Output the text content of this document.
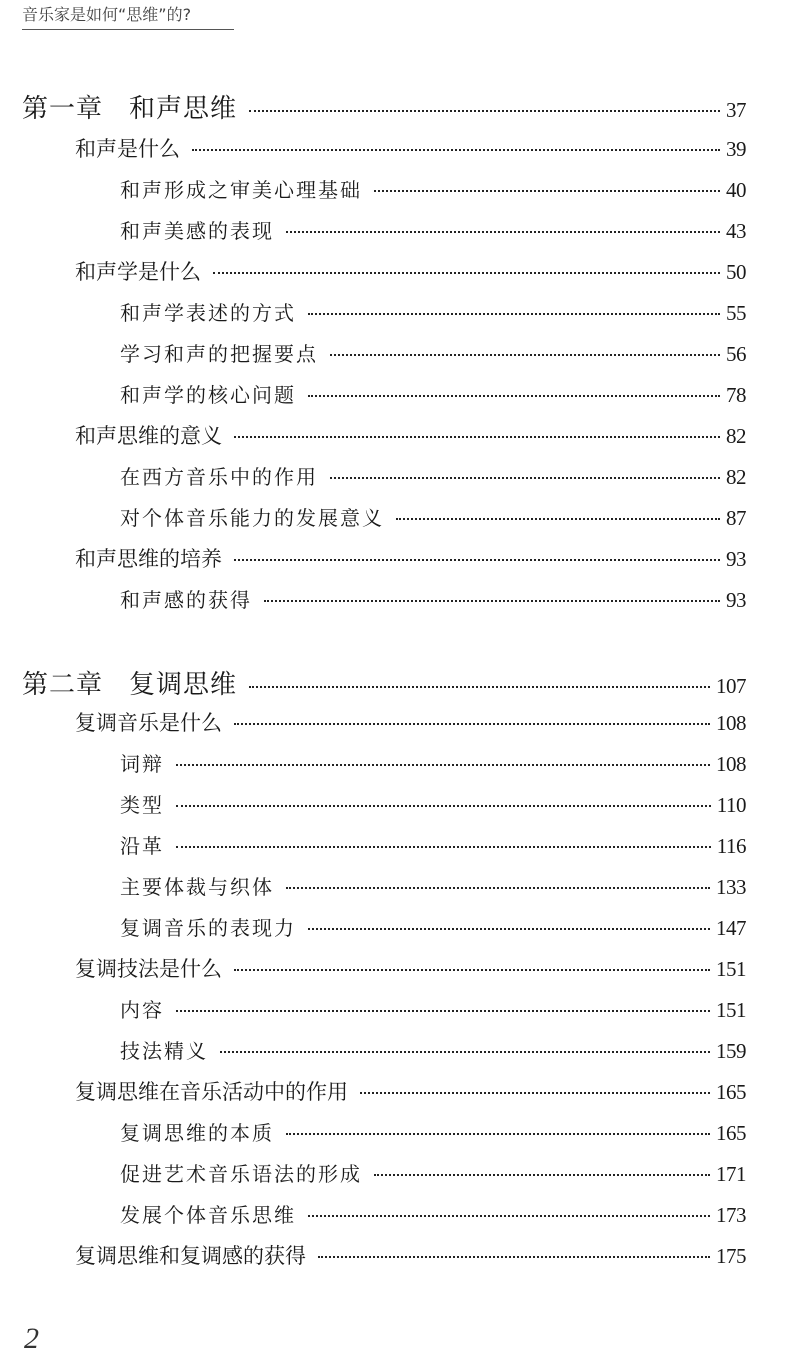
音乐家是如何“思维”的?
第一章 和声思维	37
和声是什么	39
和声形成之审美心理基础	40
和声美感的表现	43
和声学是什么	50
和声学表述的方式	55
学习和声的把握要点	56
和声学的核心问题	78
和声思维的意义	82
在西方音乐中的作用	82
对个体音乐能力的发展意义	87
和声思维的培养	93
和声感的获得	93
第二章 复调思维	107
复调音乐是什么	108
词辩	108
类型	110
沿革	116
主要体裁与织体	133
复调音乐的表现力	147
复调技法是什么	151
内容	151
技法精义	159
复调思维在音乐活动中的作用	165
复调思维的本质	165
促进艺术音乐语法的形成	171
发展个体音乐思维	173
复调思维和复调感的获得	175
2
